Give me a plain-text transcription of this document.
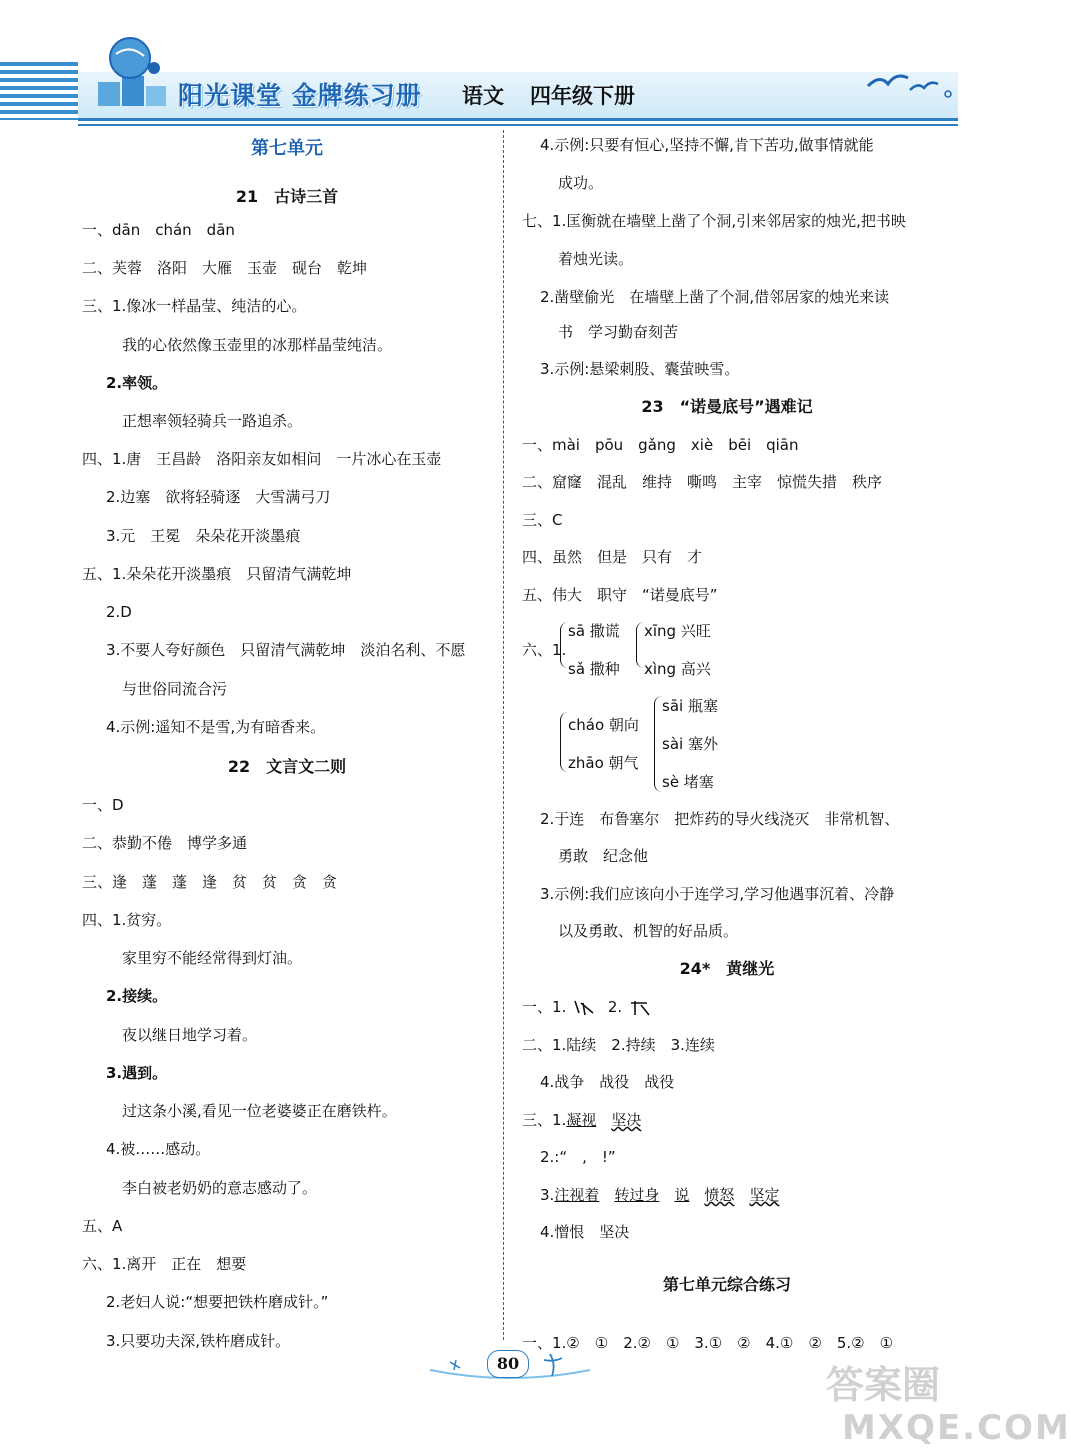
阳光课堂 金牌练习册 语文 四年级下册
第七单元
21　古诗三首
一、dān　chán　dān
二、芙蓉　洛阳　大雁　玉壶　砚台　乾坤
三、1.像冰一样晶莹、纯洁的心。
我的心依然像玉壶里的冰那样晶莹纯洁。
2.率领。
正想率领轻骑兵一路追杀。
四、1.唐　王昌龄　洛阳亲友如相问　一片冰心在玉壶
2.边塞　欲将轻骑逐　大雪满弓刀
3.元　王冕　朵朵花开淡墨痕
五、1.朵朵花开淡墨痕　只留清气满乾坤
2.D
3.不要人夸好颜色　只留清气满乾坤　淡泊名利、不愿
与世俗同流合污
4.示例:遥知不是雪,为有暗香来。
22　文言文二则
一、D
二、恭勤不倦　博学多通
三、逢　蓬　蓬　逢　贫　贫　贪　贪
四、1.贫穷。
家里穷不能经常得到灯油。
2.接续。
夜以继日地学习着。
3.遇到。
过这条小溪,看见一位老婆婆正在磨铁杵。
4.被……感动。
李白被老奶奶的意志感动了。
五、A
六、1.离开　正在　想要
2.老妇人说:“想要把铁杵磨成针。”
3.只要功夫深,铁杵磨成针。
4.示例:只要有恒心,坚持不懈,肯下苦功,做事情就能
成功。
七、1.匡衡就在墙壁上凿了个洞,引来邻居家的烛光,把书映
着烛光读。
2.凿壁偷光　在墙壁上凿了个洞,借邻居家的烛光来读
书　学习勤奋刻苦
3.示例:悬梁刺股、囊萤映雪。
23　“诺曼底号”遇难记
一、mài　pōu　gǎng　xiè　bēi　qiān
二、窟窿　混乱　维持　嘶鸣　主宰　惊慌失措　秩序
三、C
四、虽然　但是　只有　才
五、伟大　职守　“诺曼底号”
六、1.
sā 撒谎
sǎ 撒种
xīng 兴旺
xìng 高兴
cháo 朝向
zhāo 朝气
sāi 瓶塞
sài 塞外
sè 堵塞
2.于连　布鲁塞尔　把炸药的导火线浇灭　非常机智、
勇敢　纪念他
3.示例:我们应该向小于连学习,学习他遇事沉着、冷静
以及勇敢、机智的好品质。
24*　黄继光
一、1.	2.
二、1.陆续　2.持续　3.连续
4.战争　战役　战役
三、1.凝视　 坚决
2.:“　,　!”
3.注视着　 转过身　 说　 愤怒　 坚定
4.憎恨　坚决
第七单元综合练习
一、1.②　①　2.②　①　3.①　②　4.①　②　5.②　①
80	答案圈
MXQE.COM
